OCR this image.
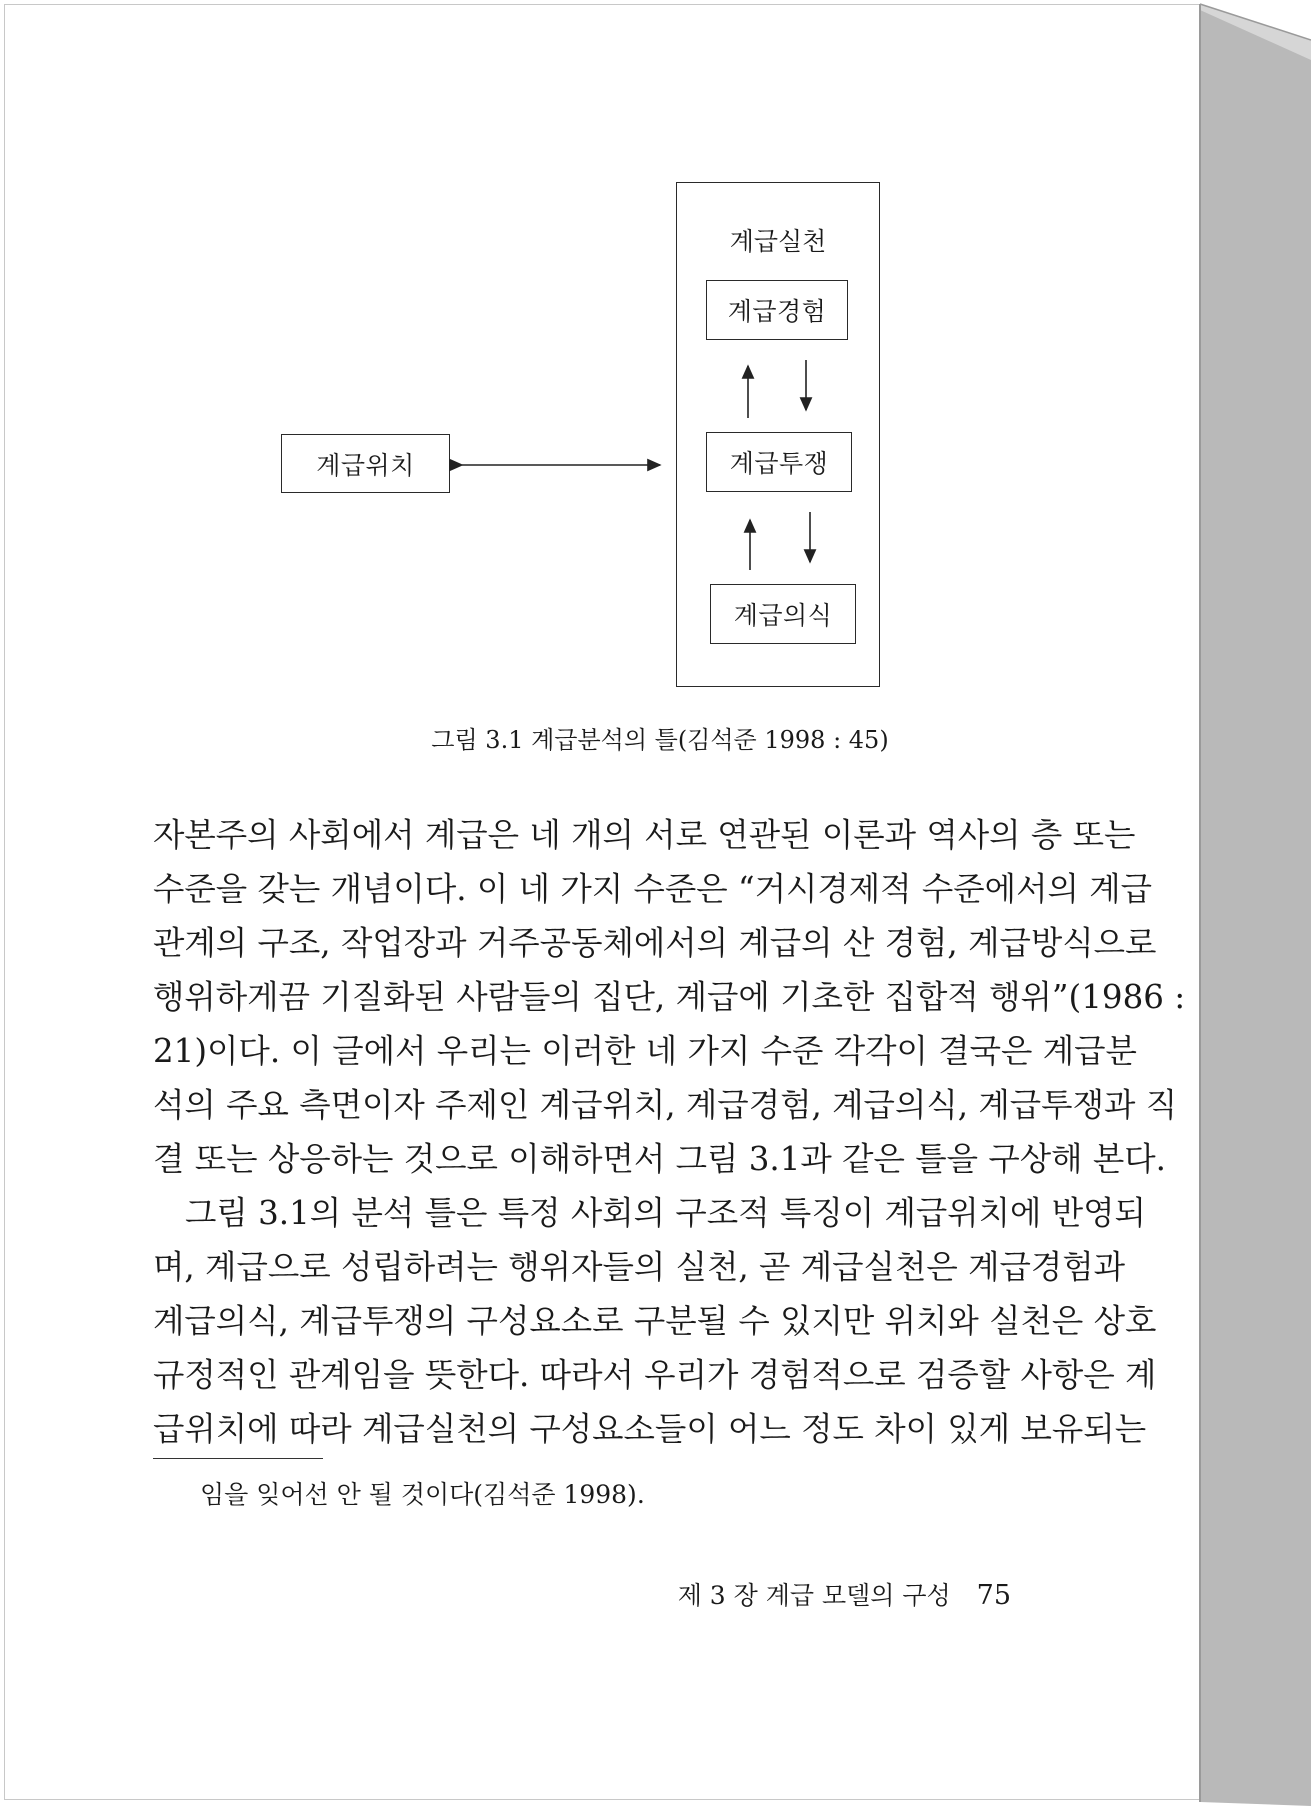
계급실천
계급위치
계급경험
계급투쟁
계급의식
그림 3.1 계급분석의 틀(김석준 1998 : 45)
자본주의 사회에서 계급은 네 개의 서로 연관된 이론과 역사의 층 또는
수준을 갖는 개념이다. 이 네 가지 수준은 “거시경제적 수준에서의 계급
관계의 구조, 작업장과 거주공동체에서의 계급의 산 경험, 계급방식으로
행위하게끔 기질화된 사람들의 집단, 계급에 기초한 집합적 행위”(1986 :
21)이다. 이 글에서 우리는 이러한 네 가지 수준 각각이 결국은 계급분
석의 주요 측면이자 주제인 계급위치, 계급경험, 계급의식, 계급투쟁과 직
결 또는 상응하는 것으로 이해하면서 그림 3.1과 같은 틀을 구상해 본다.
그림 3.1의 분석 틀은 특정 사회의 구조적 특징이 계급위치에 반영되
며, 계급으로 성립하려는 행위자들의 실천, 곧 계급실천은 계급경험과
계급의식, 계급투쟁의 구성요소로 구분될 수 있지만 위치와 실천은 상호
규정적인 관계임을 뜻한다. 따라서 우리가 경험적으로 검증할 사항은 계
급위치에 따라 계급실천의 구성요소들이 어느 정도 차이 있게 보유되는
임을 잊어선 안 될 것이다(김석준 1998).
제 3 장 계급 모델의 구성 75
